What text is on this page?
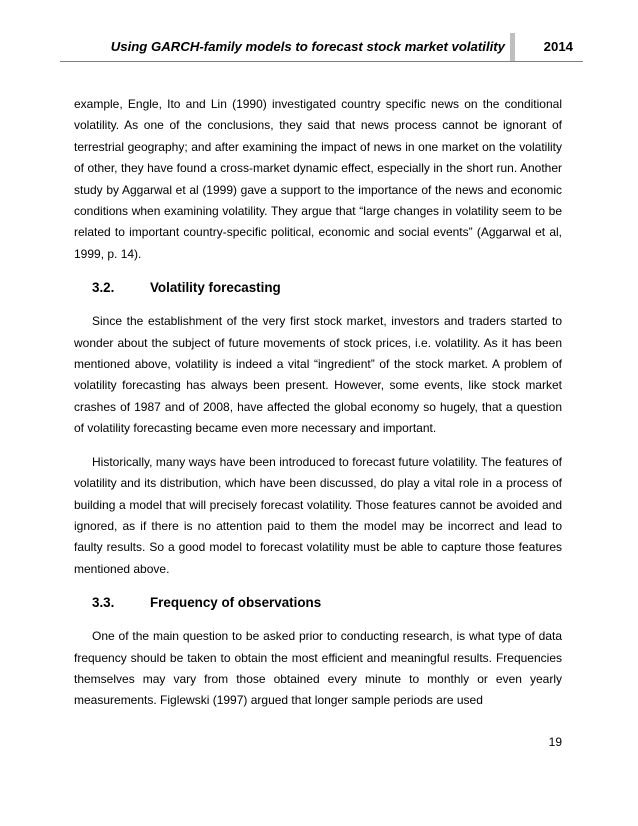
Using GARCH-family models to forecast stock market volatility	2014

example, Engle, Ito and Lin (1990) investigated country specific news on the conditional volatility. As one of the conclusions, they said that news process cannot be ignorant of terrestrial geography; and after examining the impact of news in one market on the volatility of other, they have found a cross-market dynamic effect, especially in the short run. Another study by Aggarwal et al (1999) gave a support to the importance of the news and economic conditions when examining volatility. They argue that “large changes in volatility seem to be related to important country-specific political, economic and social events” (Aggarwal et al, 1999, p. 14).

3.2.	Volatility forecasting

Since the establishment of the very first stock market, investors and traders started to wonder about the subject of future movements of stock prices, i.e. volatility. As it has been mentioned above, volatility is indeed a vital “ingredient” of the stock market. A problem of volatility forecasting has always been present. However, some events, like stock market crashes of 1987 and of 2008, have affected the global economy so hugely, that a question of volatility forecasting became even more necessary and important.

Historically, many ways have been introduced to forecast future volatility. The features of volatility and its distribution, which have been discussed, do play a vital role in a process of building a model that will precisely forecast volatility. Those features cannot be avoided and ignored, as if there is no attention paid to them the model may be incorrect and lead to faulty results. So a good model to forecast volatility must be able to capture those features mentioned above.

3.3.	Frequency of observations

One of the main question to be asked prior to conducting research, is what type of data frequency should be taken to obtain the most efficient and meaningful results. Frequencies themselves may vary from those obtained every minute to monthly or even yearly measurements. Figlewski (1997) argued that longer sample periods are used

19
